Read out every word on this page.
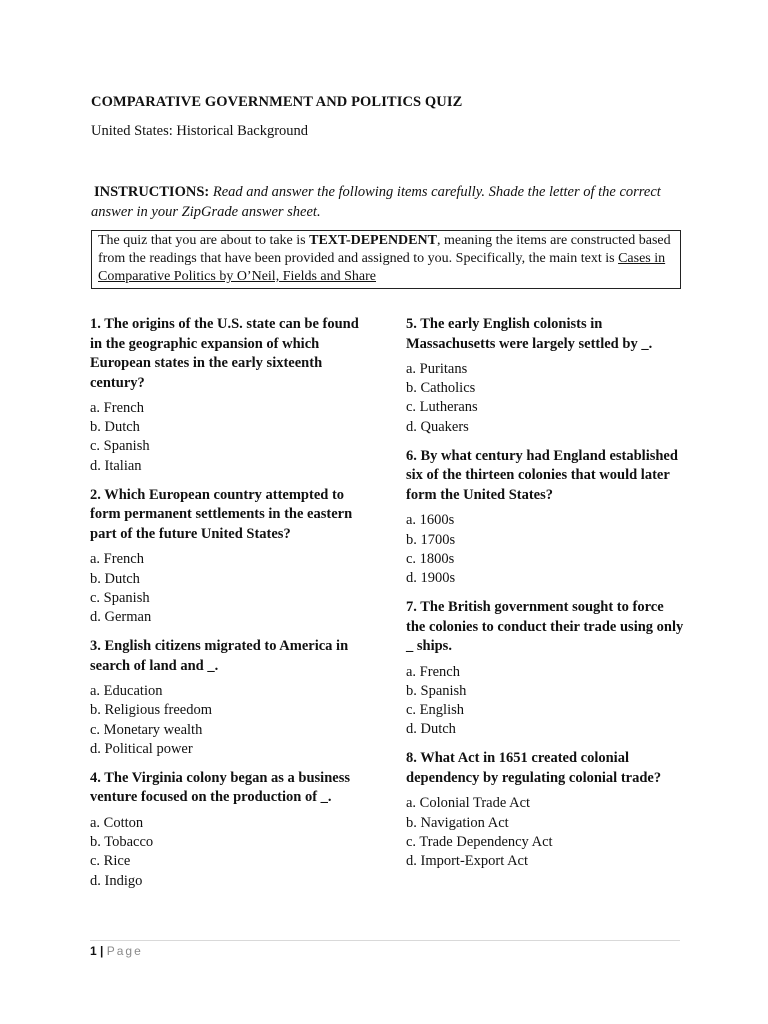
COMPARATIVE GOVERNMENT AND POLITICS QUIZ
United States: Historical Background
INSTRUCTIONS: Read and answer the following items carefully. Shade the letter of the correct answer in your ZipGrade answer sheet.
The quiz that you are about to take is TEXT-DEPENDENT, meaning the items are constructed based from the readings that have been provided and assigned to you. Specifically, the main text is Cases in Comparative Politics by O’Neil, Fields and Share
1. The origins of the U.S. state can be found in the geographic expansion of which European states in the early sixteenth century?
a. French
b. Dutch
c. Spanish
d. Italian
2. Which European country attempted to form permanent settlements in the eastern part of the future United States?
a. French
b. Dutch
c. Spanish
d. German
3. English citizens migrated to America in search of land and _.
a. Education
b. Religious freedom
c. Monetary wealth
d. Political power
4. The Virginia colony began as a business venture focused on the production of _.
a. Cotton
b. Tobacco
c. Rice
d. Indigo
5. The early English colonists in Massachusetts were largely settled by _.
a. Puritans
b. Catholics
c. Lutherans
d. Quakers
6. By what century had England established six of the thirteen colonies that would later form the United States?
a. 1600s
b. 1700s
c. 1800s
d. 1900s
7. The British government sought to force the colonies to conduct their trade using only _ ships.
a. French
b. Spanish
c. English
d. Dutch
8. What Act in 1651 created colonial dependency by regulating colonial trade?
a. Colonial Trade Act
b. Navigation Act
c. Trade Dependency Act
d. Import-Export Act
1 | Page
